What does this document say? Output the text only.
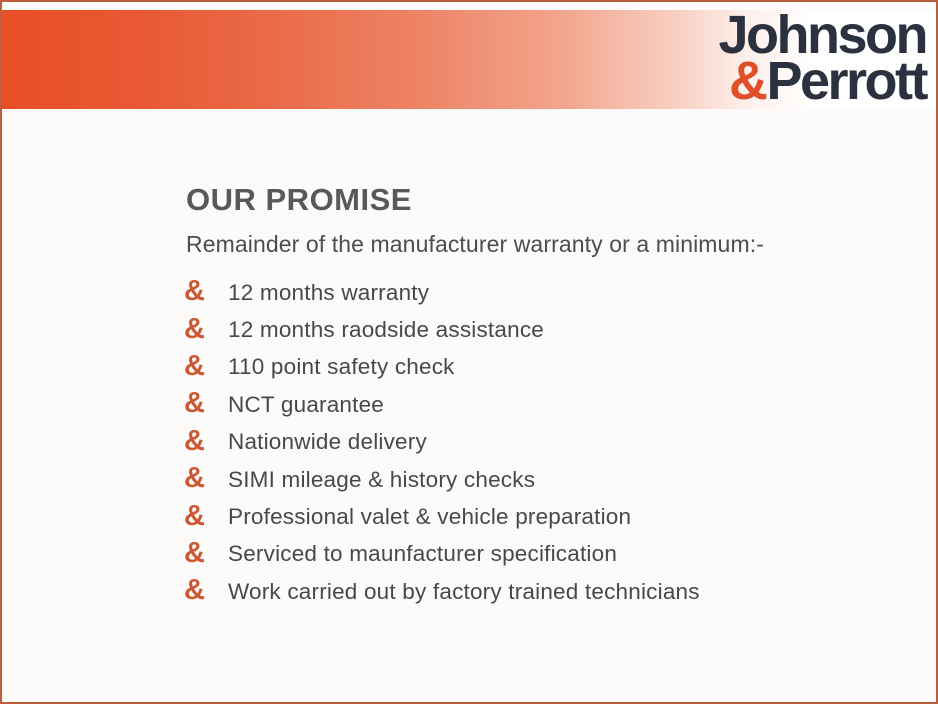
Johnson
&Perrott
OUR PROMISE
Remainder of the manufacturer warranty or a minimum:-
&	12 months warranty
&	12 months raodside assistance
&	110 point safety check
&	NCT guarantee
&	Nationwide delivery
&	SIMI mileage & history checks
&	Professional valet & vehicle preparation
&	Serviced to maunfacturer specification
&	Work carried out by factory trained technicians
